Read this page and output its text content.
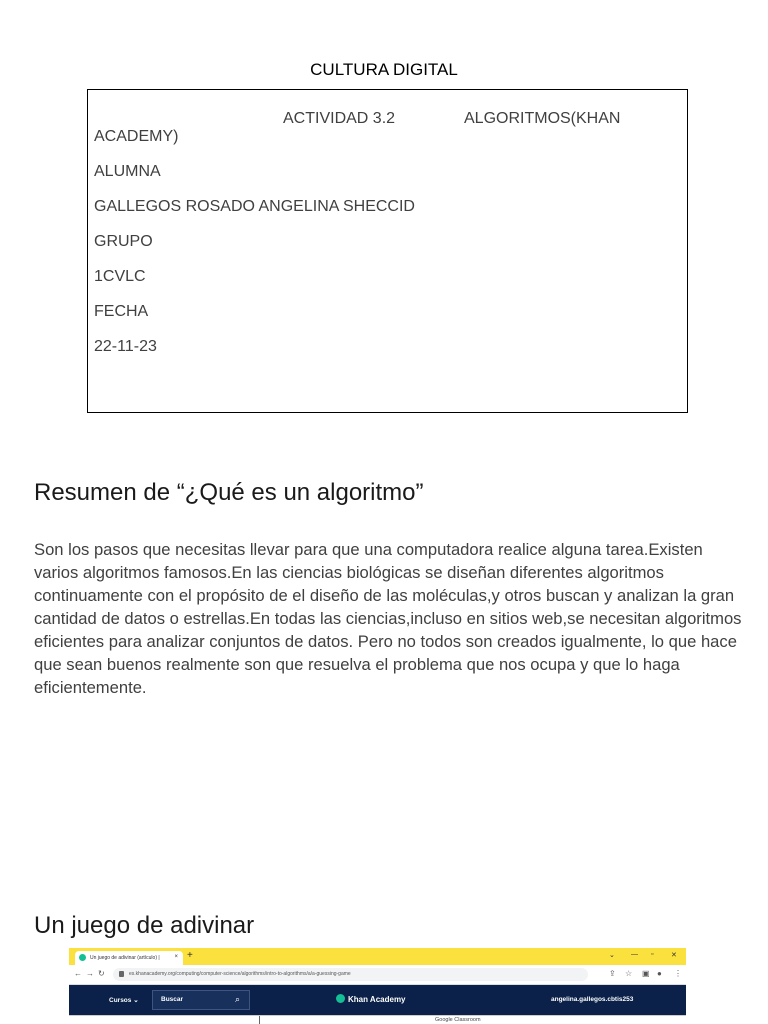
CULTURA DIGITAL
ACTIVIDAD 3.2	ALGORITMOS(KHAN
ACADEMY)
ALUMNA
GALLEGOS ROSADO ANGELINA SHECCID
GRUPO
1CVLC
FECHA
22-11-23
Resumen de “¿Qué es un algoritmo”

Son los pasos que necesitas llevar para que una computadora realice alguna tarea.Existen varios algoritmos famosos.En las ciencias biológicas se diseñan diferentes algoritmos continuamente con el propósito de el diseño de las moléculas,y otros buscan y analizan la gran cantidad de datos o estrellas.En todas las ciencias,incluso en sitios web,se necesitan algoritmos eficientes para analizar conjuntos de datos. Pero no todos son creados igualmente, lo que hace que sean buenos realmente son que resuelva el problema que nos ocupa y que lo haga eficientemente.

Un juego de adivinar
Un juego de adivinar (artículo) | × +	⌄ — ▫	✕
← → ↻	es.khanacademy.org/computing/computer-science/algorithms/intro-to-algorithms/a/a-guessing-game	⇪ ☆ ▣ ● ⋮
Cursos ⌄	Buscar	⌕	Khan Academy	angelina.gallegos.cbtis253
Google Classroom
